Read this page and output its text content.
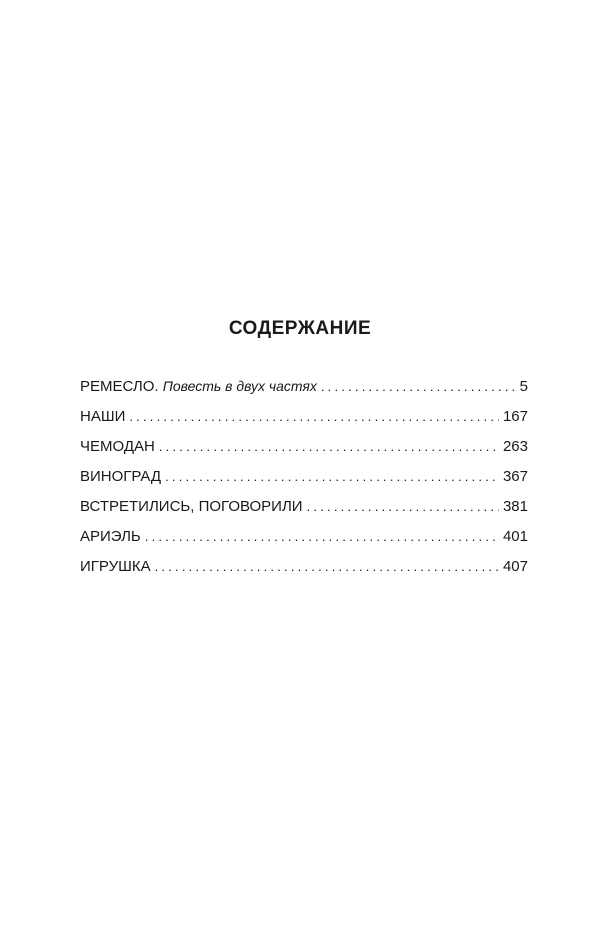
СОДЕРЖАНИЕ
РЕМЕСЛО. Повесть в двух частях .....	5
НАШИ .....	167
ЧЕМОДАН .....	263
ВИНОГРАД .....	367
ВСТРЕТИЛИСЬ, ПОГОВОРИЛИ .....	381
АРИЭЛЬ .....	401
ИГРУШКА .....	407
